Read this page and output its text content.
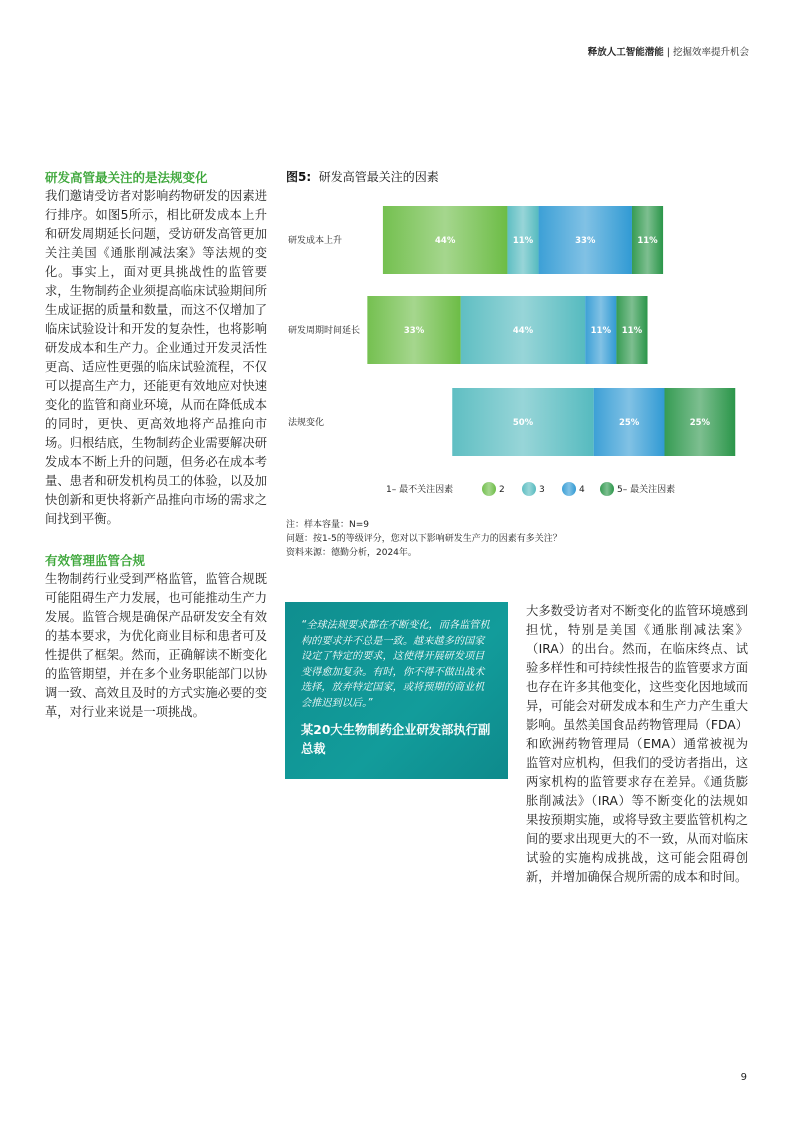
释放人工智能潜能 | 挖掘效率提升机会
研发高管最关注的是法规变化

我们邀请受访者对影响药物研发的因素进行排序。如图5所示，相比研发成本上升和研发周期延长问题，受访研发高管更加关注美国《通胀削减法案》等法规的变化。事实上，面对更具挑战性的监管要求，生物制药企业须提高临床试验期间所生成证据的质量和数量，而这不仅增加了临床试验设计和开发的复杂性，也将影响研发成本和生产力。企业通过开发灵活性更高、适应性更强的临床试验流程，不仅可以提高生产力，还能更有效地应对快速变化的监管和商业环境，从而在降低成本的同时，更快、更高效地将产品推向市场。归根结底，生物制药企业需要解决研发成本不断上升的问题，但务必在成本考量、患者和研发机构员工的体验，以及加快创新和更快将新产品推向市场的需求之间找到平衡。

有效管理监管合规

生物制药行业受到严格监管，监管合规既可能阻碍生产力发展，也可能推动生产力发展。监管合规是确保产品研发安全有效的基本要求，为优化商业目标和患者可及性提供了框架。然而，正确解读不断变化的监管期望，并在多个业务职能部门以协调一致、高效且及时的方式实施必要的变革，对行业来说是一项挑战。

图5: 研发高管最关注的因素

研发成本上升	44%	11%	33%	11%
研发周期时间延长	33%	44%	11% 11%
法规变化	50%	25%	25%
1– 最不关注因素	2	3	4	5– 最关注因素
注：样本容量：N=9
问题：按1-5的等级评分，您对以下影响研发生产力的因素有多关注？
资料来源：德勤分析，2024年。

“全球法规要求都在不断变化，而各监管机构的要求并不总是一致。越来越多的国家设定了特定的要求，这使得开展研发项目变得愈加复杂。有时，你不得不做出战术选择，放弃特定国家，或将预期的商业机会推迟到以后。”

某20大生物制药企业研发部执行副总裁

大多数受访者对不断变化的监管环境感到担忧，特别是美国《通胀削减法案》（IRA）的出台。然而，在临床终点、试验多样性和可持续性报告的监管要求方面也存在许多其他变化，这些变化因地域而异，可能会对研发成本和生产力产生重大影响。虽然美国食品药物管理局（FDA）和欧洲药物管理局（EMA）通常被视为监管对应机构，但我们的受访者指出，这两家机构的监管要求存在差异。《通货膨胀削减法》（IRA）等不断变化的法规如果按预期实施，或将导致主要监管机构之间的要求出现更大的不一致，从而对临床试验的实施构成挑战，这可能会阻碍创新，并增加确保合规所需的成本和时间。

9
